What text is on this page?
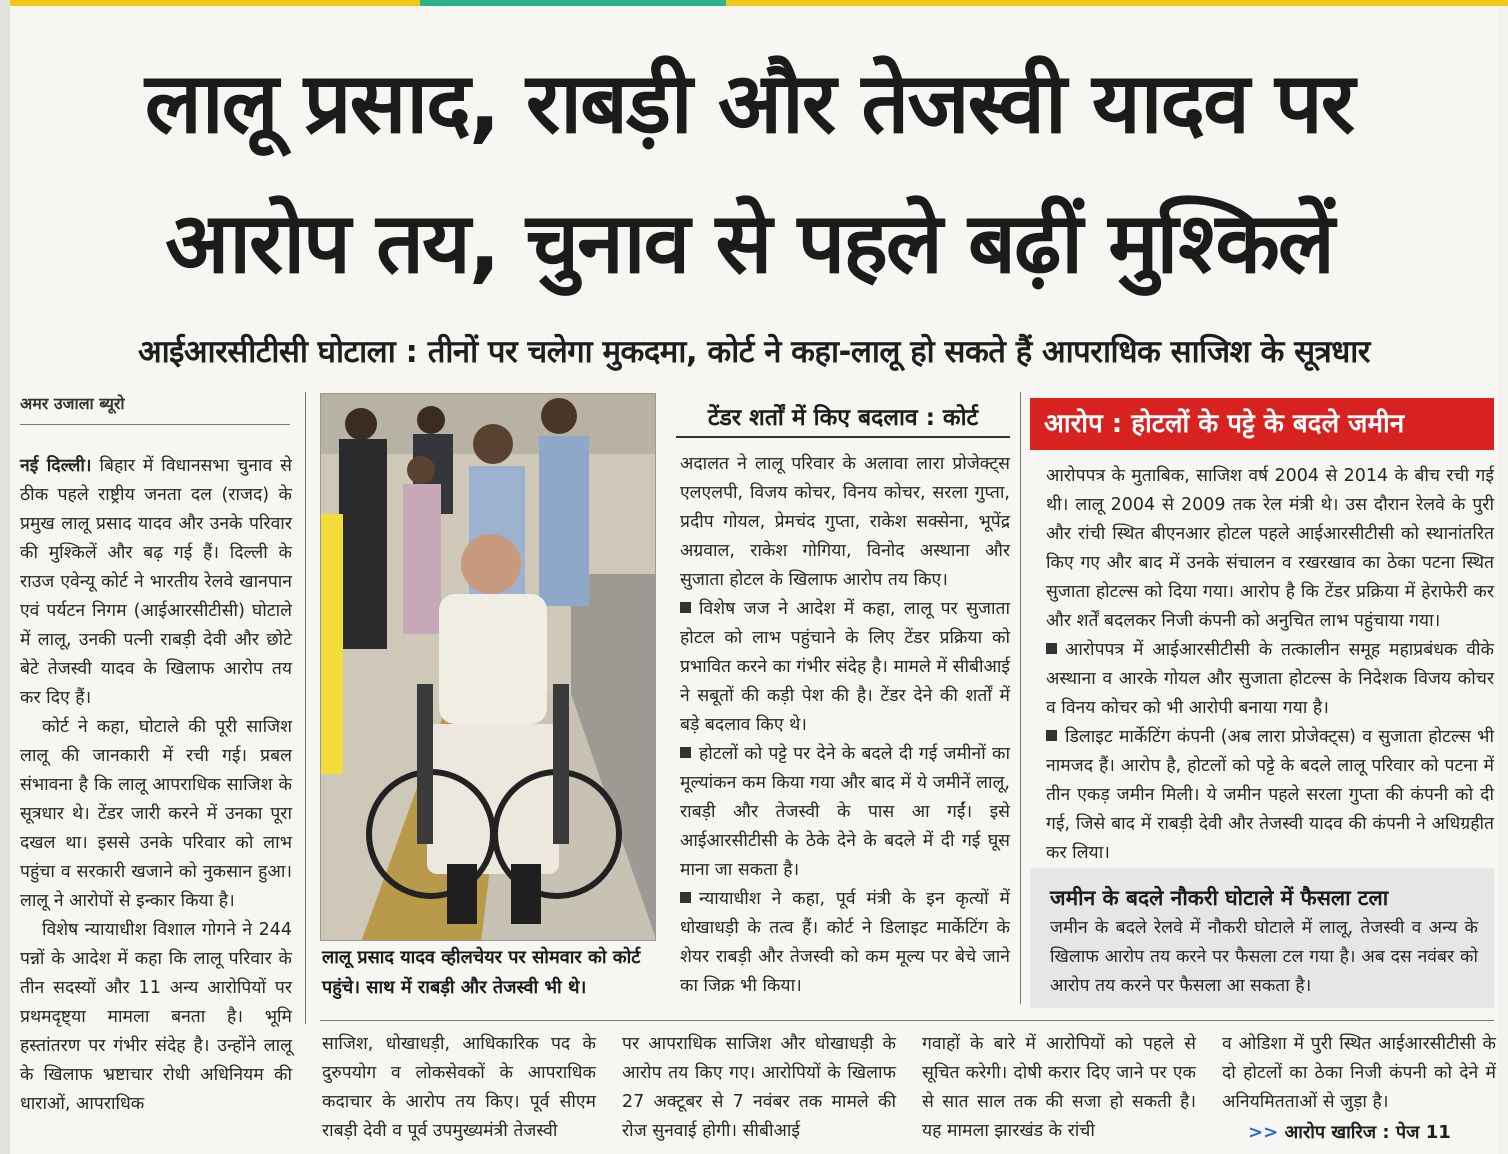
लालू प्रसाद, राबड़ी और तेजस्वी यादव पर
आरोप तय, चुनाव से पहले बढ़ीं मुश्किलें
आईआरसीटीसी घोटाला : तीनों पर चलेगा मुकदमा, कोर्ट ने कहा-लालू हो सकते हैं आपराधिक साजिश के सूत्रधार
अमर उजाला ब्यूरो

नई दिल्ली। बिहार में विधानसभा चुनाव से ठीक पहले राष्ट्रीय जनता दल (राजद) के प्रमुख लालू प्रसाद यादव और उनके परिवार की मुश्किलें और बढ़ गई हैं। दिल्ली के राउज एवेन्यू कोर्ट ने भारतीय रेलवे खानपान एवं पर्यटन निगम (आईआरसीटीसी) घोटाले में लालू, उनकी पत्नी राबड़ी देवी और छोटे बेटे तेजस्वी यादव के खिलाफ आरोप तय कर दिए हैं।

कोर्ट ने कहा, घोटाले की पूरी साजिश लालू की जानकारी में रची गई। प्रबल संभावना है कि लालू आपराधिक साजिश के सूत्रधार थे। टेंडर जारी करने में उनका पूरा दखल था। इससे उनके परिवार को लाभ पहुंचा व सरकारी खजाने को नुकसान हुआ। लालू ने आरोपों से इन्कार किया है।

विशेष न्यायाधीश विशाल गोगने ने 244 पन्नों के आदेश में कहा कि लालू परिवार के तीन सदस्यों और 11 अन्य आरोपियों पर प्रथमदृष्ट्या मामला बनता है। भूमि हस्तांतरण पर गंभीर संदेह है। उन्होंने लालू के खिलाफ भ्रष्टाचार रोधी अधिनियम की धाराओं, आपराधिक

लालू प्रसाद यादव व्हीलचेयर पर सोमवार को कोर्ट पहुंचे। साथ में राबड़ी और तेजस्वी भी थे।
टेंडर शर्तों में किए बदलाव : कोर्ट

अदालत ने लालू परिवार के अलावा लारा प्रोजेक्ट्स एलएलपी, विजय कोचर, विनय कोचर, सरला गुप्ता, प्रदीप गोयल, प्रेमचंद गुप्ता, राकेश सक्सेना, भूपेंद्र अग्रवाल, राकेश गोगिया, विनोद अस्थाना और सुजाता होटल के खिलाफ आरोप तय किए।

विशेष जज ने आदेश में कहा, लालू पर सुजाता होटल को लाभ पहुंचाने के लिए टेंडर प्रक्रिया को प्रभावित करने का गंभीर संदेह है। मामले में सीबीआई ने सबूतों की कड़ी पेश की है। टेंडर देने की शर्तों में बड़े बदलाव किए थे।

होटलों को पट्टे पर देने के बदले दी गई जमीनों का मूल्यांकन कम किया गया और बाद में ये जमीनें लालू, राबड़ी और तेजस्वी के पास आ गईं। इसे आईआरसीटीसी के ठेके देने के बदले में दी गई घूस माना जा सकता है।

न्यायाधीश ने कहा, पूर्व मंत्री के इन कृत्यों में धोखाधड़ी के तत्व हैं। कोर्ट ने डिलाइट मार्केटिंग के शेयर राबड़ी और तेजस्वी को कम मूल्य पर बेचे जाने का जिक्र भी किया।

आरोप : होटलों के पट्टे के बदले जमीन

आरोपपत्र के मुताबिक, साजिश वर्ष 2004 से 2014 के बीच रची गई थी। लालू 2004 से 2009 तक रेल मंत्री थे। उस दौरान रेलवे के पुरी और रांची स्थित बीएनआर होटल पहले आईआरसीटीसी को स्थानांतरित किए गए और बाद में उनके संचालन व रखरखाव का ठेका पटना स्थित सुजाता होटल्स को दिया गया। आरोप है कि टेंडर प्रक्रिया में हेराफेरी कर और शर्तें बदलकर निजी कंपनी को अनुचित लाभ पहुंचाया गया।

आरोपपत्र में आईआरसीटीसी के तत्कालीन समूह महाप्रबंधक वीके अस्थाना व आरके गोयल और सुजाता होटल्स के निदेशक विजय कोचर व विनय कोचर को भी आरोपी बनाया गया है।

डिलाइट मार्केटिंग कंपनी (अब लारा प्रोजेक्ट्स) व सुजाता होटल्स भी नामजद हैं। आरोप है, होटलों को पट्टे के बदले लालू परिवार को पटना में तीन एकड़ जमीन मिली। ये जमीन पहले सरला गुप्ता की कंपनी को दी गई, जिसे बाद में राबड़ी देवी और तेजस्वी यादव की कंपनी ने अधिग्रहीत कर लिया।

जमीन के बदले नौकरी घोटाले में फैसला टला
जमीन के बदले रेलवे में नौकरी घोटाले में लालू, तेजस्वी व अन्य के खिलाफ आरोप तय करने पर फैसला टल गया है। अब दस नवंबर को आरोप तय करने पर फैसला आ सकता है।
साजिश, धोखाधड़ी, आधिकारिक पद के दुरुपयोग व लोकसेवकों के आपराधिक कदाचार के आरोप तय किए। पूर्व सीएम राबड़ी देवी व पूर्व उपमुख्यमंत्री तेजस्वी
पर आपराधिक साजिश और धोखाधड़ी के आरोप तय किए गए। आरोपियों के खिलाफ 27 अक्टूबर से 7 नवंबर तक मामले की रोज सुनवाई होगी। सीबीआई
गवाहों के बारे में आरोपियों को पहले से सूचित करेगी। दोषी करार दिए जाने पर एक से सात साल तक की सजा हो सकती है। यह मामला झारखंड के रांची
व ओडिशा में पुरी स्थित आईआरसीटीसी के दो होटलों का ठेका निजी कंपनी को देने में अनियमितताओं से जुड़ा है।
>> आरोप खारिज : पेज 11
